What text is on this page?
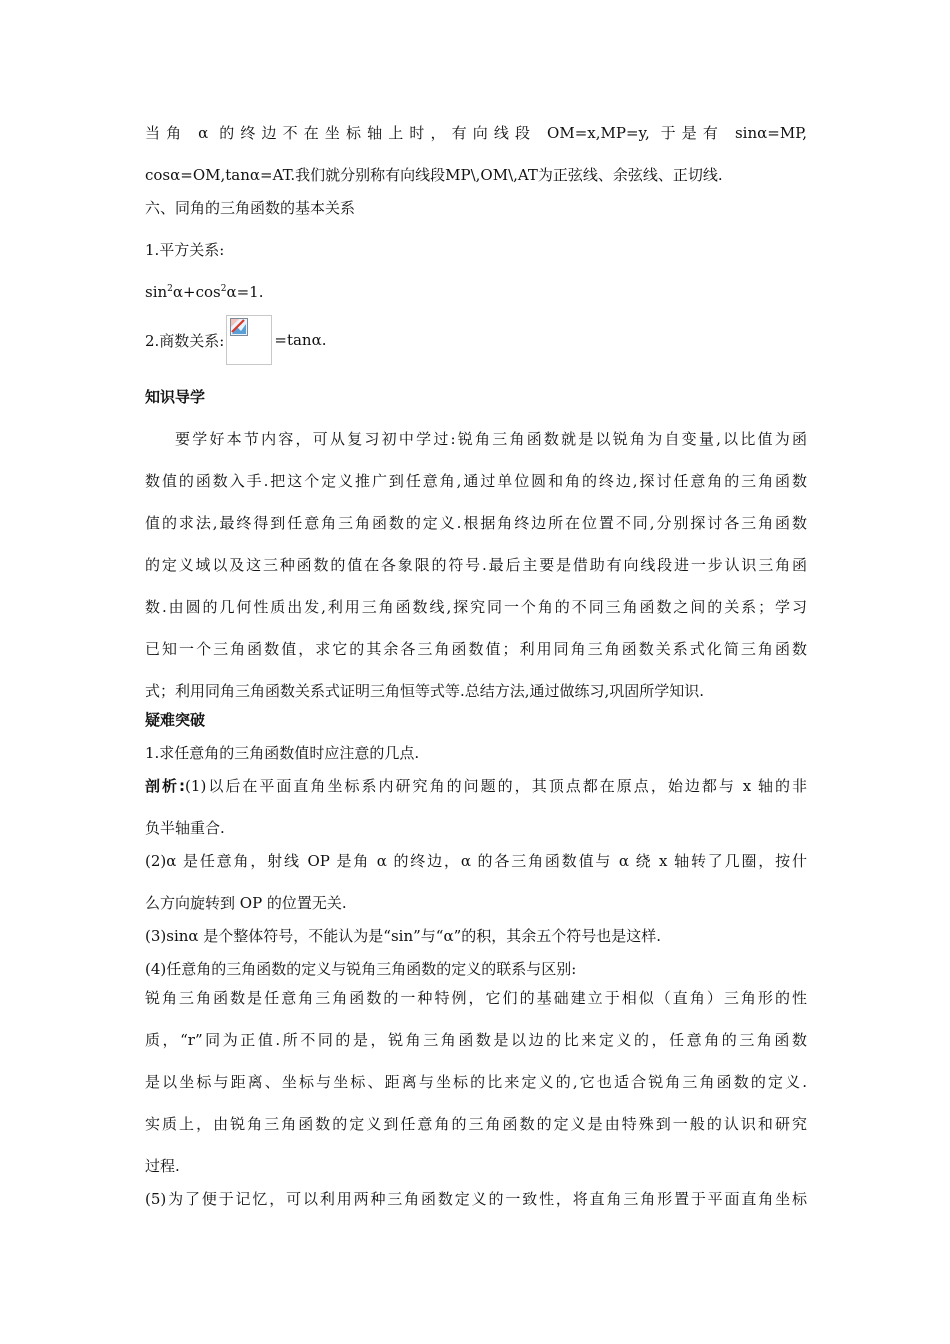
当角 α 的终边不在坐标轴上时，有向线段 OM=x,MP=y, 于是有 sinα=MP,
cosα=OM,tanα=AT.我们就分别称有向线段MP\,OM\,AT为正弦线、余弦线、正切线.
六、同角的三角函数的基本关系
1.平方关系:
$\sin^2\alpha+\cos^2\alpha=1$.
2.商数关系:	=tanα.
知识导学
要学好本节内容，可从复习初中学过:锐角三角函数就是以锐角为自变量,以比值为函
数值的函数入手.把这个定义推广到任意角,通过单位圆和角的终边,探讨任意角的三角函数
值的求法,最终得到任意角三角函数的定义.根据角终边所在位置不同,分别探讨各三角函数
的定义域以及这三种函数的值在各象限的符号.最后主要是借助有向线段进一步认识三角函
数.由圆的几何性质出发,利用三角函数线,探究同一个角的不同三角函数之间的关系；学习
已知一个三角函数值，求它的其余各三角函数值；利用同角三角函数关系式化简三角函数
式；利用同角三角函数关系式证明三角恒等式等.总结方法,通过做练习,巩固所学知识.
疑难突破
1.求任意角的三角函数值时应注意的几点.
剖析:(1)以后在平面直角坐标系内研究角的问题的，其顶点都在原点，始边都与 x 轴的非
负半轴重合.
(2)α 是任意角，射线 OP 是角 α 的终边，α 的各三角函数值与 α 绕 x 轴转了几圈，按什
么方向旋转到 OP 的位置无关.
(3)sinα 是个整体符号，不能认为是“sin”与“α”的积，其余五个符号也是这样.
(4)任意角的三角函数的定义与锐角三角函数的定义的联系与区别:
锐角三角函数是任意角三角函数的一种特例，它们的基础建立于相似（直角）三角形的性
质，“r”同为正值.所不同的是，锐角三角函数是以边的比来定义的，任意角的三角函数
是以坐标与距离、坐标与坐标、距离与坐标的比来定义的,它也适合锐角三角函数的定义.
实质上，由锐角三角函数的定义到任意角的三角函数的定义是由特殊到一般的认识和研究
过程.
(5)为了便于记忆，可以利用两种三角函数定义的一致性，将直角三角形置于平面直角坐标
